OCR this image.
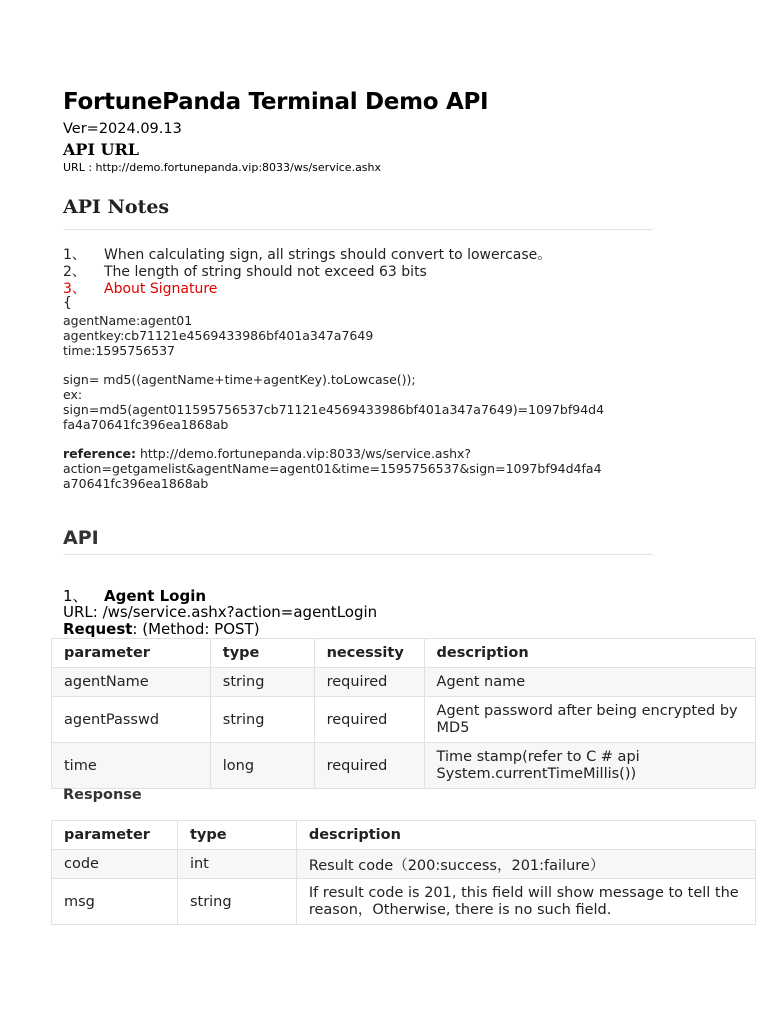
FortunePanda Terminal Demo API
Ver=2024.09.13
API URL
URL : http://demo.fortunepanda.vip:8033/ws/service.ashx
API Notes
1、 When calculating sign, all strings should convert to lowercase。
2、 The length of string should not exceed 63 bits
3、 About Signature
{
agentName:agent01
agentkey:cb71121e4569433986bf401a347a7649
time:1595756537
sign= md5((agentName+time+agentKey).toLowcase());
ex:
sign=md5(agent011595756537cb71121e4569433986bf401a347a7649)=1097bf94d4
fa4a70641fc396ea1868ab
reference: http://demo.fortunepanda.vip:8033/ws/service.ashx?
action=getgamelist&agentName=agent01&time=1595756537&sign=1097bf94d4fa4
a70641fc396ea1868ab
API
1、 Agent Login
URL: /ws/service.ashx?action=agentLogin
Request: (Method: POST)
parameter	type	necessity	description
agentName	string	required	Agent name
agentPasswd	string	required	Agent password after being encrypted by MD5
time	long	required	Time stamp(refer to C # api System.currentTimeMillis())
Response
parameter	type	description
code	int	Result code（200:success，201:failure）
msg	string	If result code is 201, this field will show message to tell the reason，Otherwise, there is no such field.
